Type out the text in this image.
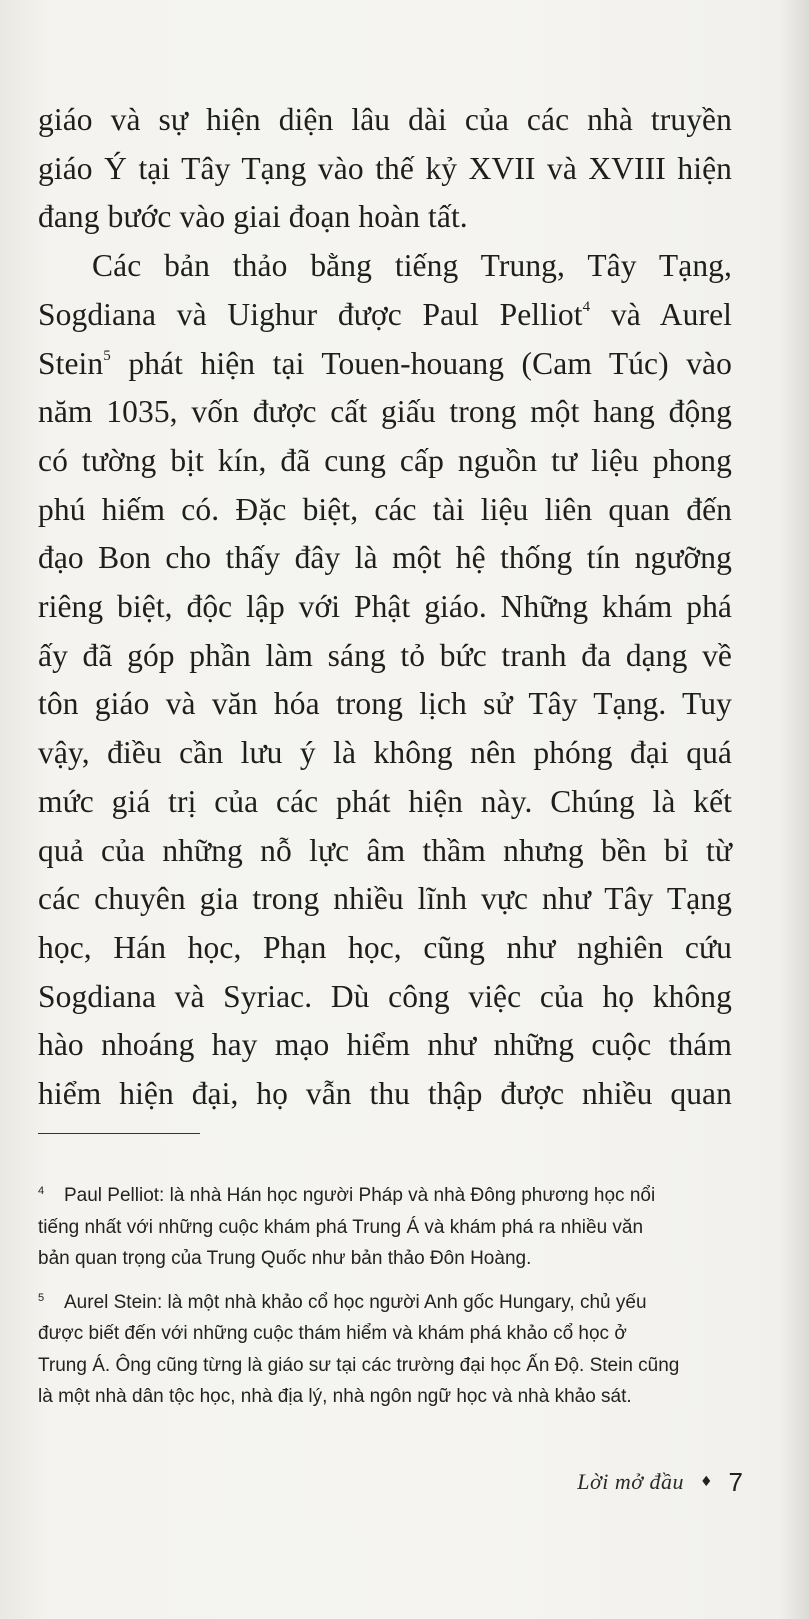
giáo và sự hiện diện lâu dài của các nhà truyền
giáo Ý tại Tây Tạng vào thế kỷ XVII và XVIII hiện
đang bước vào giai đoạn hoàn tất.

Các bản thảo bằng tiếng Trung, Tây Tạng,
Sogdiana và Uighur được Paul Pelliot$^4$ và Aurel
Stein$^5$ phát hiện tại Touen-houang (Cam Túc) vào
năm 1035, vốn được cất giấu trong một hang động
có tường bịt kín, đã cung cấp nguồn tư liệu phong
phú hiếm có. Đặc biệt, các tài liệu liên quan đến
đạo Bon cho thấy đây là một hệ thống tín ngưỡng
riêng biệt, độc lập với Phật giáo. Những khám phá
ấy đã góp phần làm sáng tỏ bức tranh đa dạng về
tôn giáo và văn hóa trong lịch sử Tây Tạng. Tuy
vậy, điều cần lưu ý là không nên phóng đại quá
mức giá trị của các phát hiện này. Chúng là kết
quả của những nỗ lực âm thầm nhưng bền bỉ từ
các chuyên gia trong nhiều lĩnh vực như Tây Tạng
học, Hán học, Phạn học, cũng như nghiên cứu
Sogdiana và Syriac. Dù công việc của họ không
hào nhoáng hay mạo hiểm như những cuộc thám
hiểm hiện đại, họ vẫn thu thập được nhiều quan

4 Paul Pelliot: là nhà Hán học người Pháp và nhà Đông phương học nổi
tiếng nhất với những cuộc khám phá Trung Á và khám phá ra nhiều văn
bản quan trọng của Trung Quốc như bản thảo Đôn Hoàng.
5 Aurel Stein: là một nhà khảo cổ học người Anh gốc Hungary, chủ yếu
được biết đến với những cuộc thám hiểm và khám phá khảo cổ học ở
Trung Á. Ông cũng từng là giáo sư tại các trường đại học Ấn Độ. Stein cũng
là một nhà dân tộc học, nhà địa lý, nhà ngôn ngữ học và nhà khảo sát.
Lời mở đầu ♦ 7
